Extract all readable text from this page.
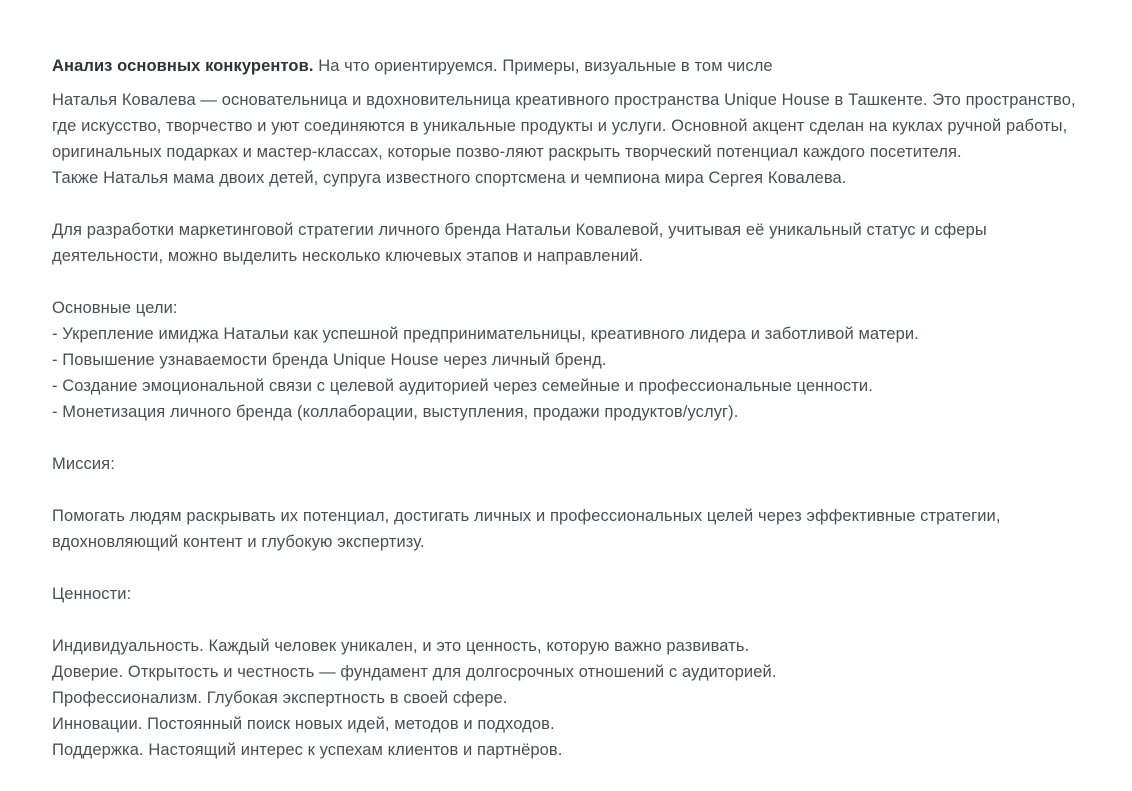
Анализ основных конкурентов. На что ориентируемся. Примеры, визуальные в том числе

Наталья Ковалева — основательница и вдохновительница креативного пространства Unique House в Ташкенте. Это пространство, где искусство, творчество и уют соединяются в уникальные продукты и услуги. Основной акцент сделан на куклах ручной работы, оригинальных подарках и мастер-классах, которые позво-ляют раскрыть творческий потенциал каждого посетителя.

Также Наталья мама двоих детей, супруга известного спортсмена и чемпиона мира Сергея Ковалева.

Для разработки маркетинговой стратегии личного бренда Натальи Ковалевой, учитывая её уникальный статус и сферы деятельности, можно выделить несколько ключевых этапов и направлений.

Основные цели:

- Укрепление имиджа Натальи как успешной предпринимательницы, креативного лидера и заботливой матери.

- Повышение узнаваемости бренда Unique House через личный бренд.

- Создание эмоциональной связи с целевой аудиторией через семейные и профессиональные ценности.

- Монетизация личного бренда (коллаборации, выступления, продажи продуктов/услуг).

Миссия:

Помогать людям раскрывать их потенциал, достигать личных и профессиональных целей через эффективные стратегии, вдохновляющий контент и глубокую экспертизу.

Ценности:

Индивидуальность. Каждый человек уникален, и это ценность, которую важно развивать.

Доверие. Открытость и честность — фундамент для долгосрочных отношений с аудиторией.

Профессионализм. Глубокая экспертность в своей сфере.

Инновации. Постоянный поиск новых идей, методов и подходов.

Поддержка. Настоящий интерес к успехам клиентов и партнёров.
